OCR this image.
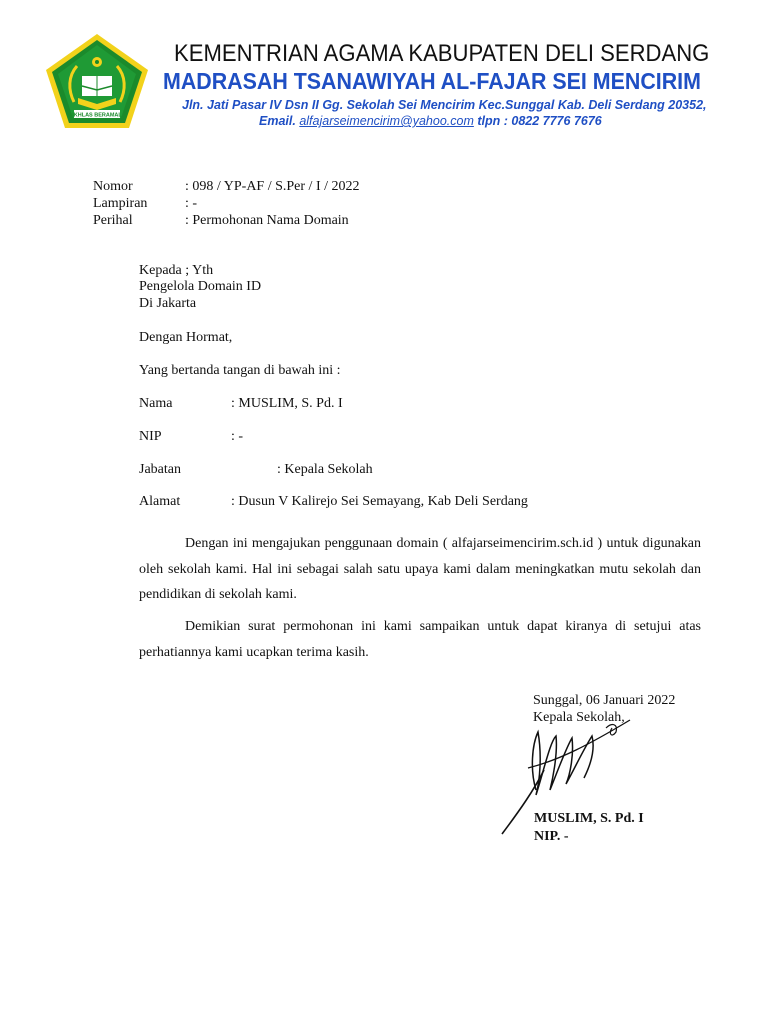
IKHLAS BERAMAL
KEMENTRIAN AGAMA KABUPATEN DELI SERDANG
MADRASAH TSANAWIYAH AL-FAJAR SEI MENCIRIM
Jln. Jati Pasar IV Dsn II Gg. Sekolah Sei Mencirim Kec.Sunggal Kab. Deli Serdang 20352,
Email. alfajarseimencirim@yahoo.com tlpn : 0822 7776 7676
Nomor	: 098 / YP-AF / S.Per / I / 2022
Lampiran	: -
Perihal	: Permohonan Nama Domain
Kepada ; Yth
Pengelola Domain ID
Di Jakarta
Dengan Hormat,
Yang bertanda tangan di bawah ini :
Nama	: MUSLIM, S. Pd. I
NIP	: -
Jabatan	: Kepala Sekolah
Alamat	: Dusun V Kalirejo Sei Semayang, Kab Deli Serdang
Dengan ini mengajukan penggunaan domain ( alfajarseimencirim.sch.id ) untuk digunakan oleh sekolah kami. Hal ini sebagai salah satu upaya kami dalam meningkatkan mutu sekolah dan pendidikan di sekolah kami.
Demikian surat permohonan ini kami sampaikan untuk dapat kiranya di setujui atas perhatiannya kami ucapkan terima kasih.
Sunggal, 06 Januari 2022
Kepala Sekolah,
MUSLIM, S. Pd. I
NIP. -
